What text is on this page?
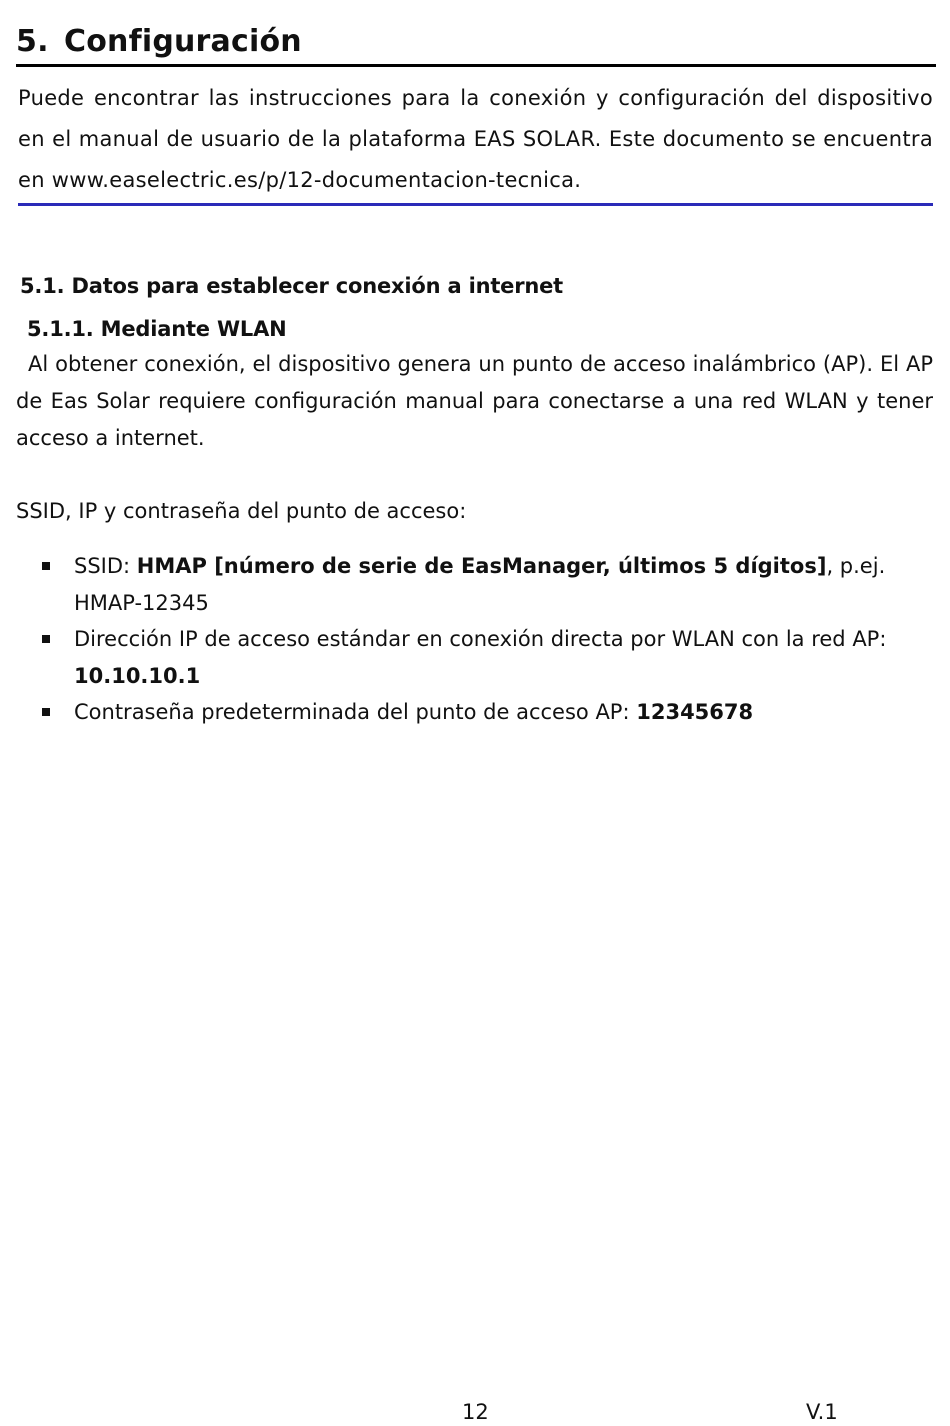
5. Configuración
Puede encontrar las instrucciones para la conexión y configuración del dispositivo en el manual de usuario de la plataforma EAS SOLAR. Este documento se encuentra en www.easelectric.es/p/12-documentacion-tecnica.
5.1. Datos para establecer conexión a internet
5.1.1. Mediante WLAN
Al obtener conexión, el dispositivo genera un punto de acceso inalámbrico (AP). El AP de Eas Solar requiere configuración manual para conectarse a una red WLAN y tener acceso a internet.
SSID, IP y contraseña del punto de acceso:
SSID: HMAP [número de serie de EasManager, últimos 5 dígitos], p.ej. HMAP-12345
Dirección IP de acceso estándar en conexión directa por WLAN con la red AP: 10.10.10.1
Contraseña predeterminada del punto de acceso AP: 12345678
12	V.1
